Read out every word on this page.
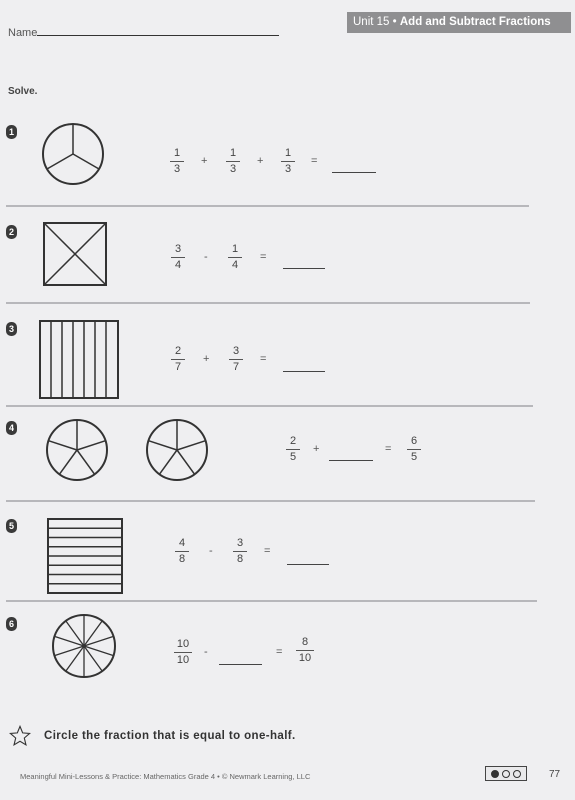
Name
Unit 15 • Add and Subtract Fractions
Solve.
1
1
3
+
1
3
+
1
3
=
2
3
4
-
1
4
=
3
2
7
+
3
7
=
4
2
5
+	=
6
5
5
4
8
-
3
8
=
6
10
10
-	=
8
10
Circle the fraction that is equal to one-half.
Meaningful Mini-Lessons & Practice: Mathematics Grade 4 • © Newmark Learning, LLC	77
